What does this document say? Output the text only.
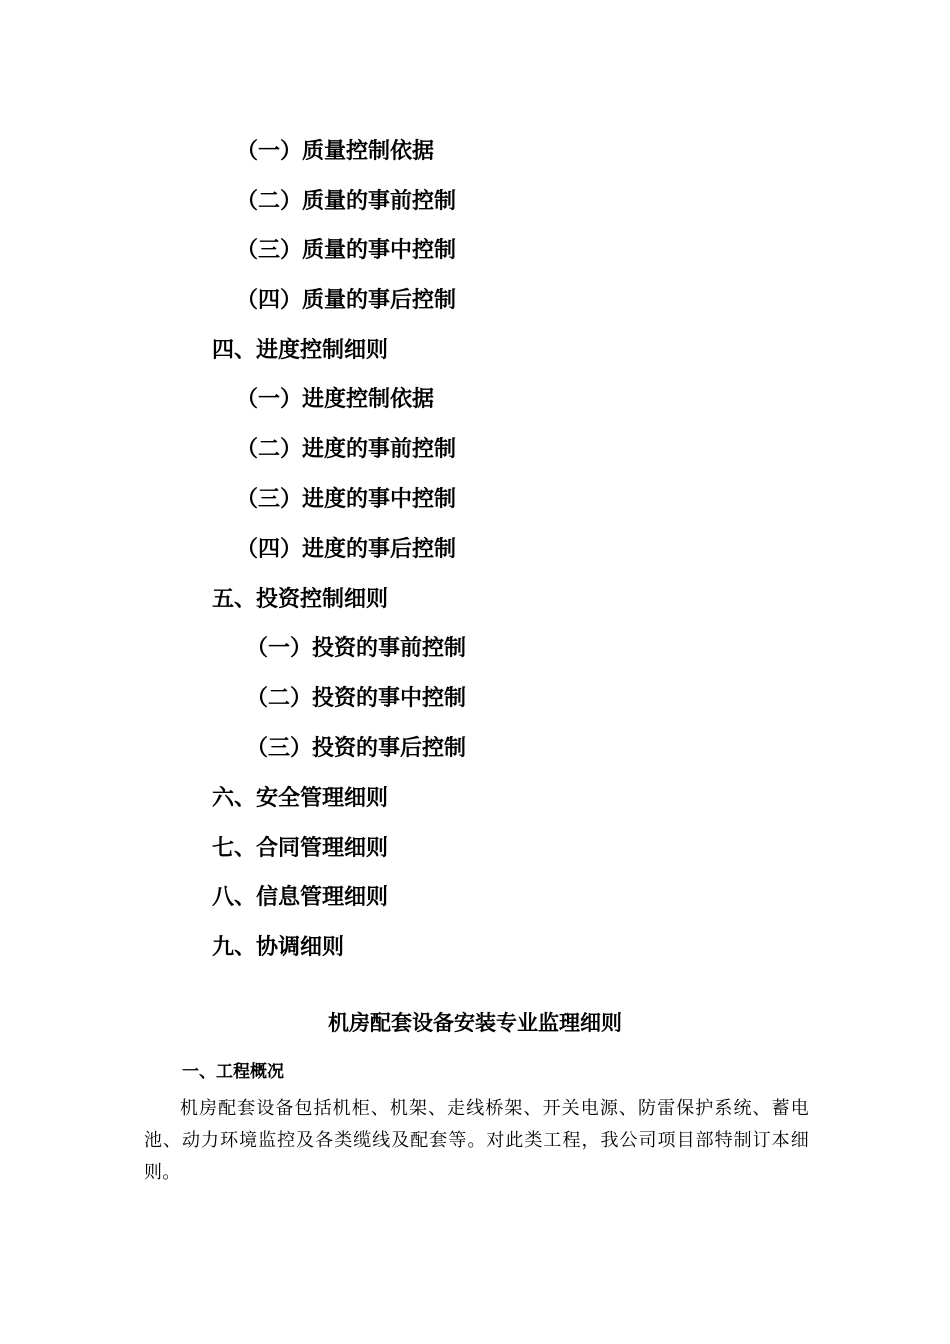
（一）质量控制依据
（二）质量的事前控制
（三）质量的事中控制
（四）质量的事后控制
四、进度控制细则
（一）进度控制依据
（二）进度的事前控制
（三）进度的事中控制
（四）进度的事后控制
五、投资控制细则
（一）投资的事前控制
（二）投资的事中控制
（三）投资的事后控制
六、安全管理细则
七、合同管理细则
八、信息管理细则
九、协调细则
机房配套设备安装专业监理细则
一、工程概况
机房配套设备包括机柜、机架、走线桥架、开关电源、防雷保护系统、蓄电池、动力环境监控及各类缆线及配套等。对此类工程，我公司项目部特制订本细则。
